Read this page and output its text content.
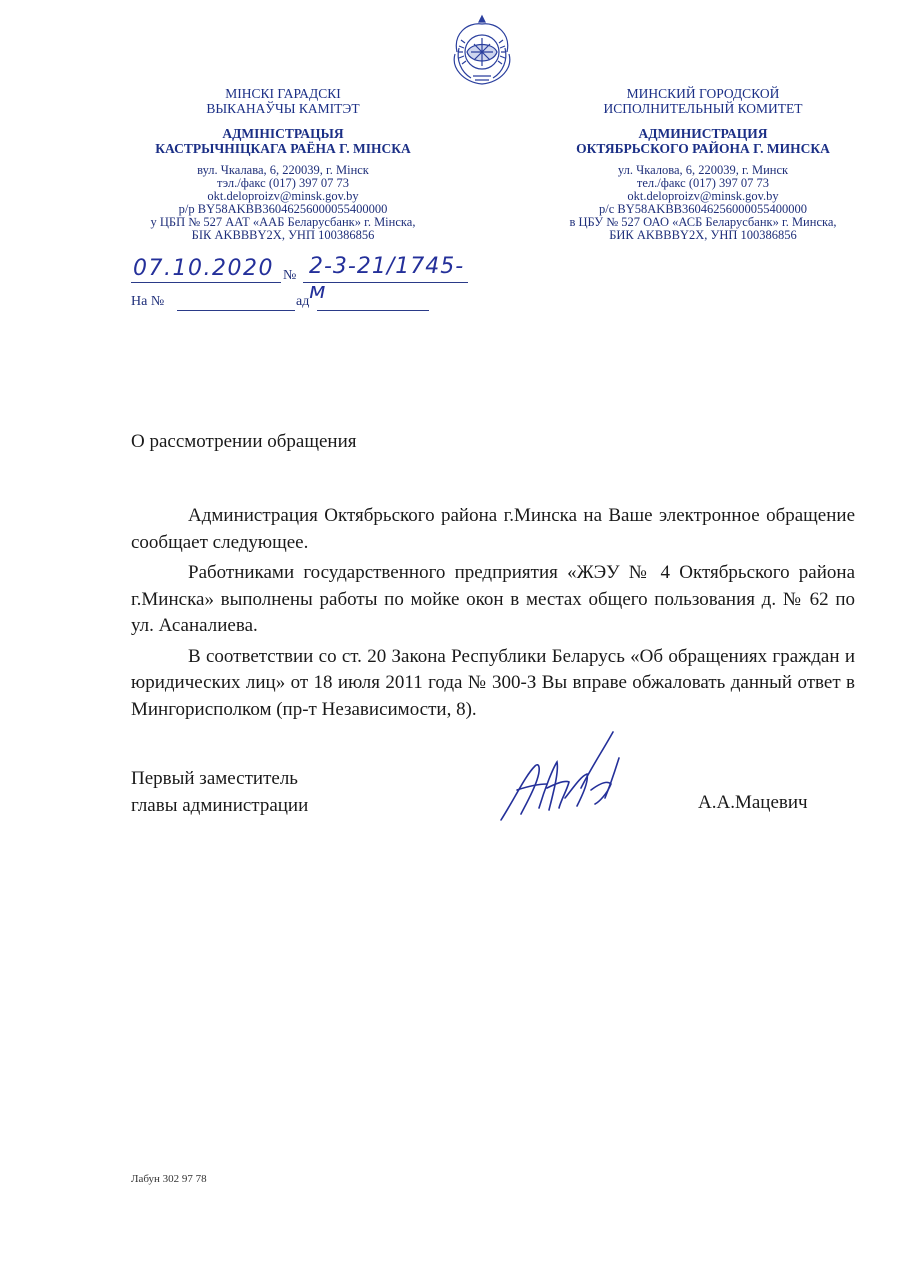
МІНСКІ ГАРАДСКІ
ВЫКАНАЎЧЫ КАМІТЭТ
АДМІНІСТРАЦЫЯ
КАСТРЫЧНІЦКАГА РАЁНА Г. МІНСКА
вул. Чкалава, 6, 220039, г. Мінск
тэл./факс (017) 397 07 73
okt.deloproizv@minsk.gov.by
р/р BY58AKBB36046256000055400000
у ЦБП № 527 ААТ «ААБ Беларусбанк» г. Мінска,
БІК AKBBBY2X, УНП 100386856
МИНСКИЙ ГОРОДСКОЙ
ИСПОЛНИТЕЛЬНЫЙ КОМИТЕТ
АДМИНИСТРАЦИЯ
ОКТЯБРЬСКОГО РАЙОНА Г. МИНСКА
ул. Чкалова, 6, 220039, г. Минск
тел./факс (017) 397 07 73
okt.deloproizv@minsk.gov.by
р/с BY58AKBB36046256000055400000
в ЦБУ № 527 ОАО «АСБ Беларусбанк» г. Минска,
БИК AKBBBY2X, УНП 100386856
07.10.2020 № 2-3-21/1745-м
На №	ад
О рассмотрении обращения

Администрация Октябрьского района г.Минска на Ваше электронное обращение сообщает следующее.

Работниками государственного предприятия «ЖЭУ № 4 Октябрьского района г.Минска» выполнены работы по мойке окон в местах общего пользования д. № 62 по ул. Асаналиева.

В соответствии со ст. 20 Закона Республики Беларусь «Об обращениях граждан и юридических лиц» от 18 июля 2011 года № 300-З Вы вправе обжаловать данный ответ в Мингорисполком (пр-т Независимости, 8).

Первый заместитель
главы администрации	А.А.Мацевич
Лабун 302 97 78
